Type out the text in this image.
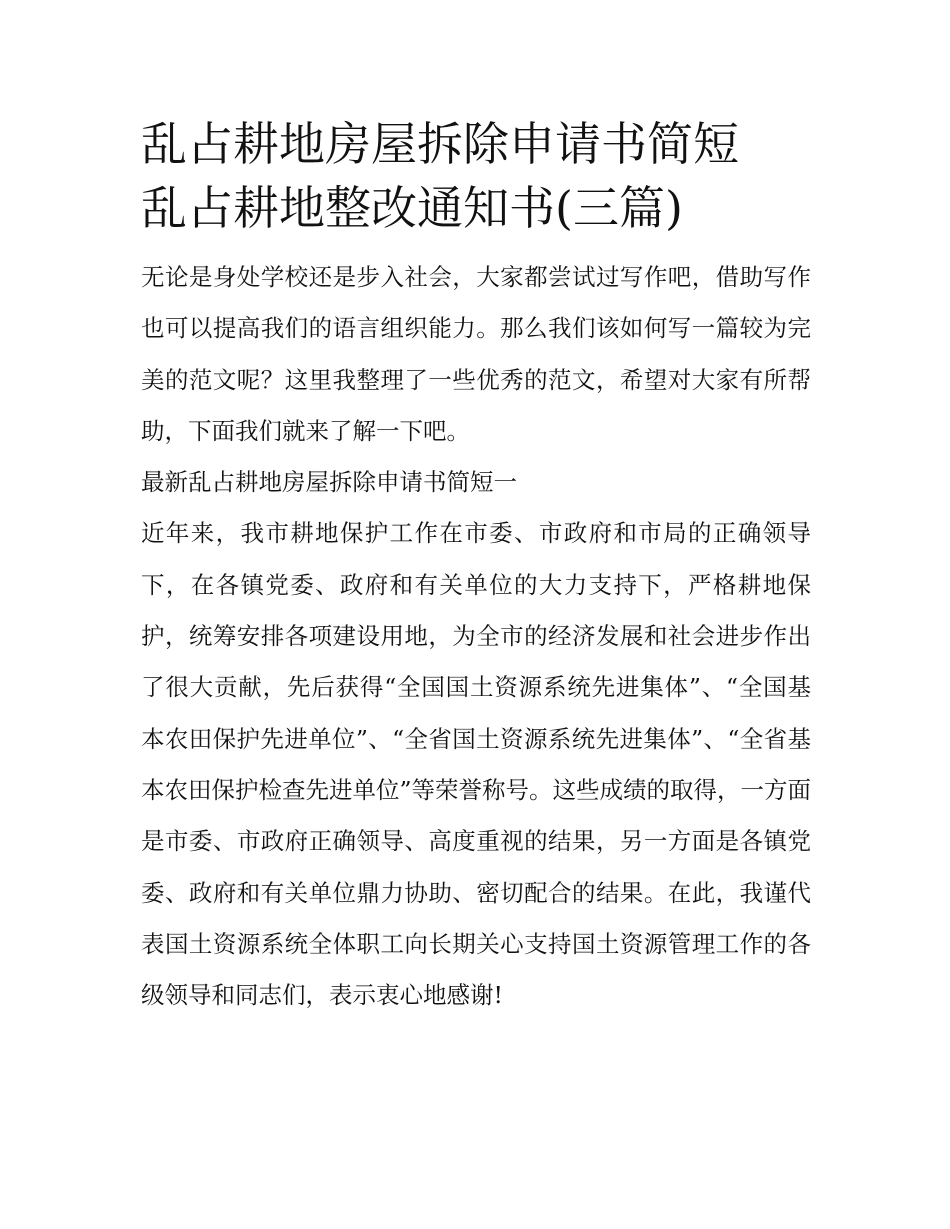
乱占耕地房屋拆除申请书简短
乱占耕地整改通知书(三篇)

无论是身处学校还是步入社会，大家都尝试过写作吧，借助写作也可以提高我们的语言组织能力。那么我们该如何写一篇较为完美的范文呢？这里我整理了一些优秀的范文，希望对大家有所帮助，下面我们就来了解一下吧。

最新乱占耕地房屋拆除申请书简短一

近年来，我市耕地保护工作在市委、市政府和市局的正确领导下，在各镇党委、政府和有关单位的大力支持下，严格耕地保护，统筹安排各项建设用地，为全市的经济发展和社会进步作出了很大贡献，先后获得“全国国土资源系统先进集体”、“全国基本农田保护先进单位”、“全省国土资源系统先进集体”、“全省基本农田保护检查先进单位”等荣誉称号。这些成绩的取得，一方面是市委、市政府正确领导、高度重视的结果，另一方面是各镇党委、政府和有关单位鼎力协助、密切配合的结果。在此，我谨代表国土资源系统全体职工向长期关心支持国土资源管理工作的各级领导和同志们，表示衷心地感谢!
